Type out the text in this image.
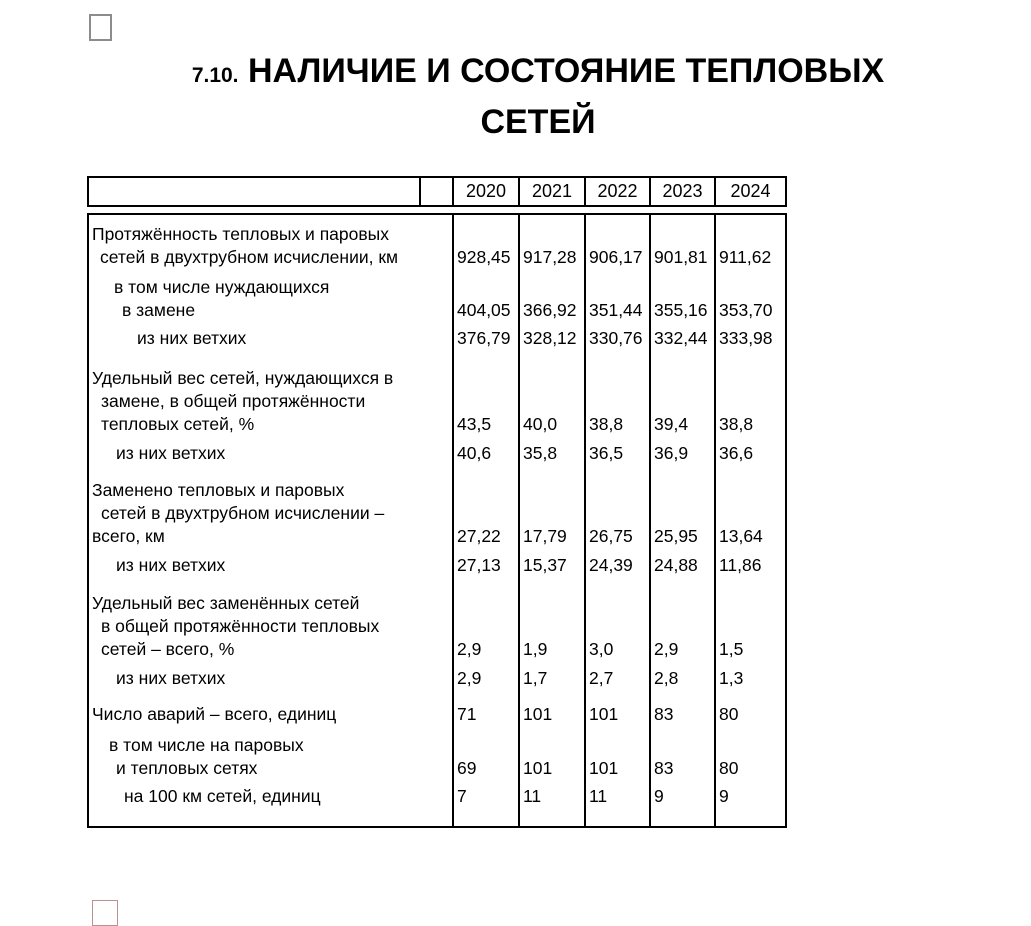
7.10. НАЛИЧИЕ И СОСТОЯНИЕ ТЕПЛОВЫХ
СЕТЕЙ
		2020	2021	2022	2023	2024
Протяжённость тепловых и паровых
сетей в двухтрубном исчислении, км	928,45	917,28	906,17	901,81	911,62

в том числе нуждающихся
в замене	404,05	366,92	351,44	355,16	353,70

из них ветхих	376,79	328,12	330,76	332,44	333,98

Удельный вес сетей, нуждающихся в
замене, в общей протяжённости
тепловых сетей, %	43,5	40,0	38,8	39,4	38,8

из них ветхих	40,6	35,8	36,5	36,9	36,6

Заменено тепловых и паровых
сетей в двухтрубном исчислении –
всего, км	27,22	17,79	26,75	25,95	13,64

из них ветхих	27,13	15,37	24,39	24,88	11,86

Удельный вес заменённых сетей
в общей протяжённости тепловых
сетей – всего, %	2,9	1,9	3,0	2,9	1,5

из них ветхих	2,9	1,7	2,7	2,8	1,3

Число аварий – всего, единиц	71	101	101	83	80

в том числе на паровых
и тепловых сетях	69	101	101	83	80

на 100 км сетей, единиц	7	11	11	9	9
